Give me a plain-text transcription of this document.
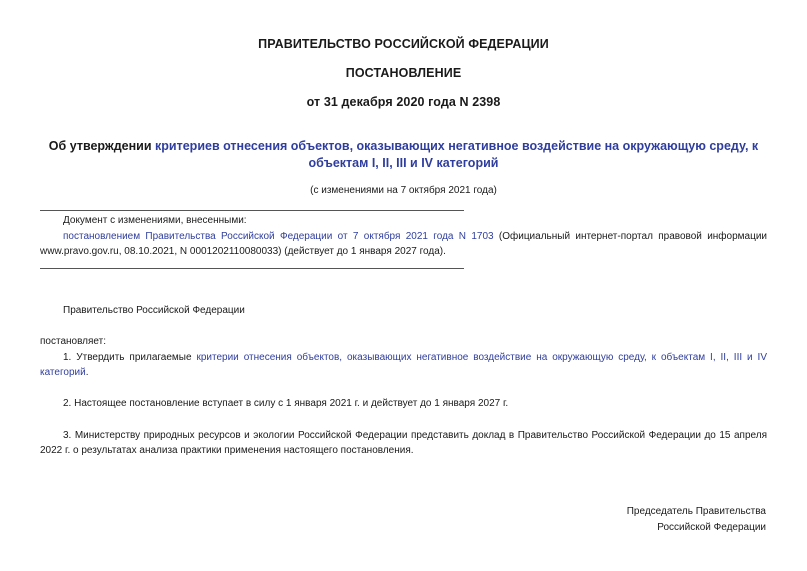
ПРАВИТЕЛЬСТВО РОССИЙСКОЙ ФЕДЕРАЦИИ
ПОСТАНОВЛЕНИЕ
от 31 декабря 2020 года N 2398
Об утверждении критериев отнесения объектов, оказывающих негативное воздействие на окружающую среду, к объектам I, II, III и IV категорий
(с изменениями на 7 октября 2021 года)
Документ с изменениями, внесенными:
постановлением Правительства Российской Федерации от 7 октября 2021 года N 1703 (Официальный интернет-портал правовой информации www.pravo.gov.ru, 08.10.2021, N 0001202110080033) (действует до 1 января 2027 года).
Правительство Российской Федерации
постановляет:
1. Утвердить прилагаемые критерии отнесения объектов, оказывающих негативное воздействие на окружающую среду, к объектам I, II, III и IV категорий.
2. Настоящее постановление вступает в силу с 1 января 2021 г. и действует до 1 января 2027 г.
3. Министерству природных ресурсов и экологии Российской Федерации представить доклад в Правительство Российской Федерации до 15 апреля 2022 г. о результатах анализа практики применения настоящего постановления.
Председатель Правительства
Российской Федерации
